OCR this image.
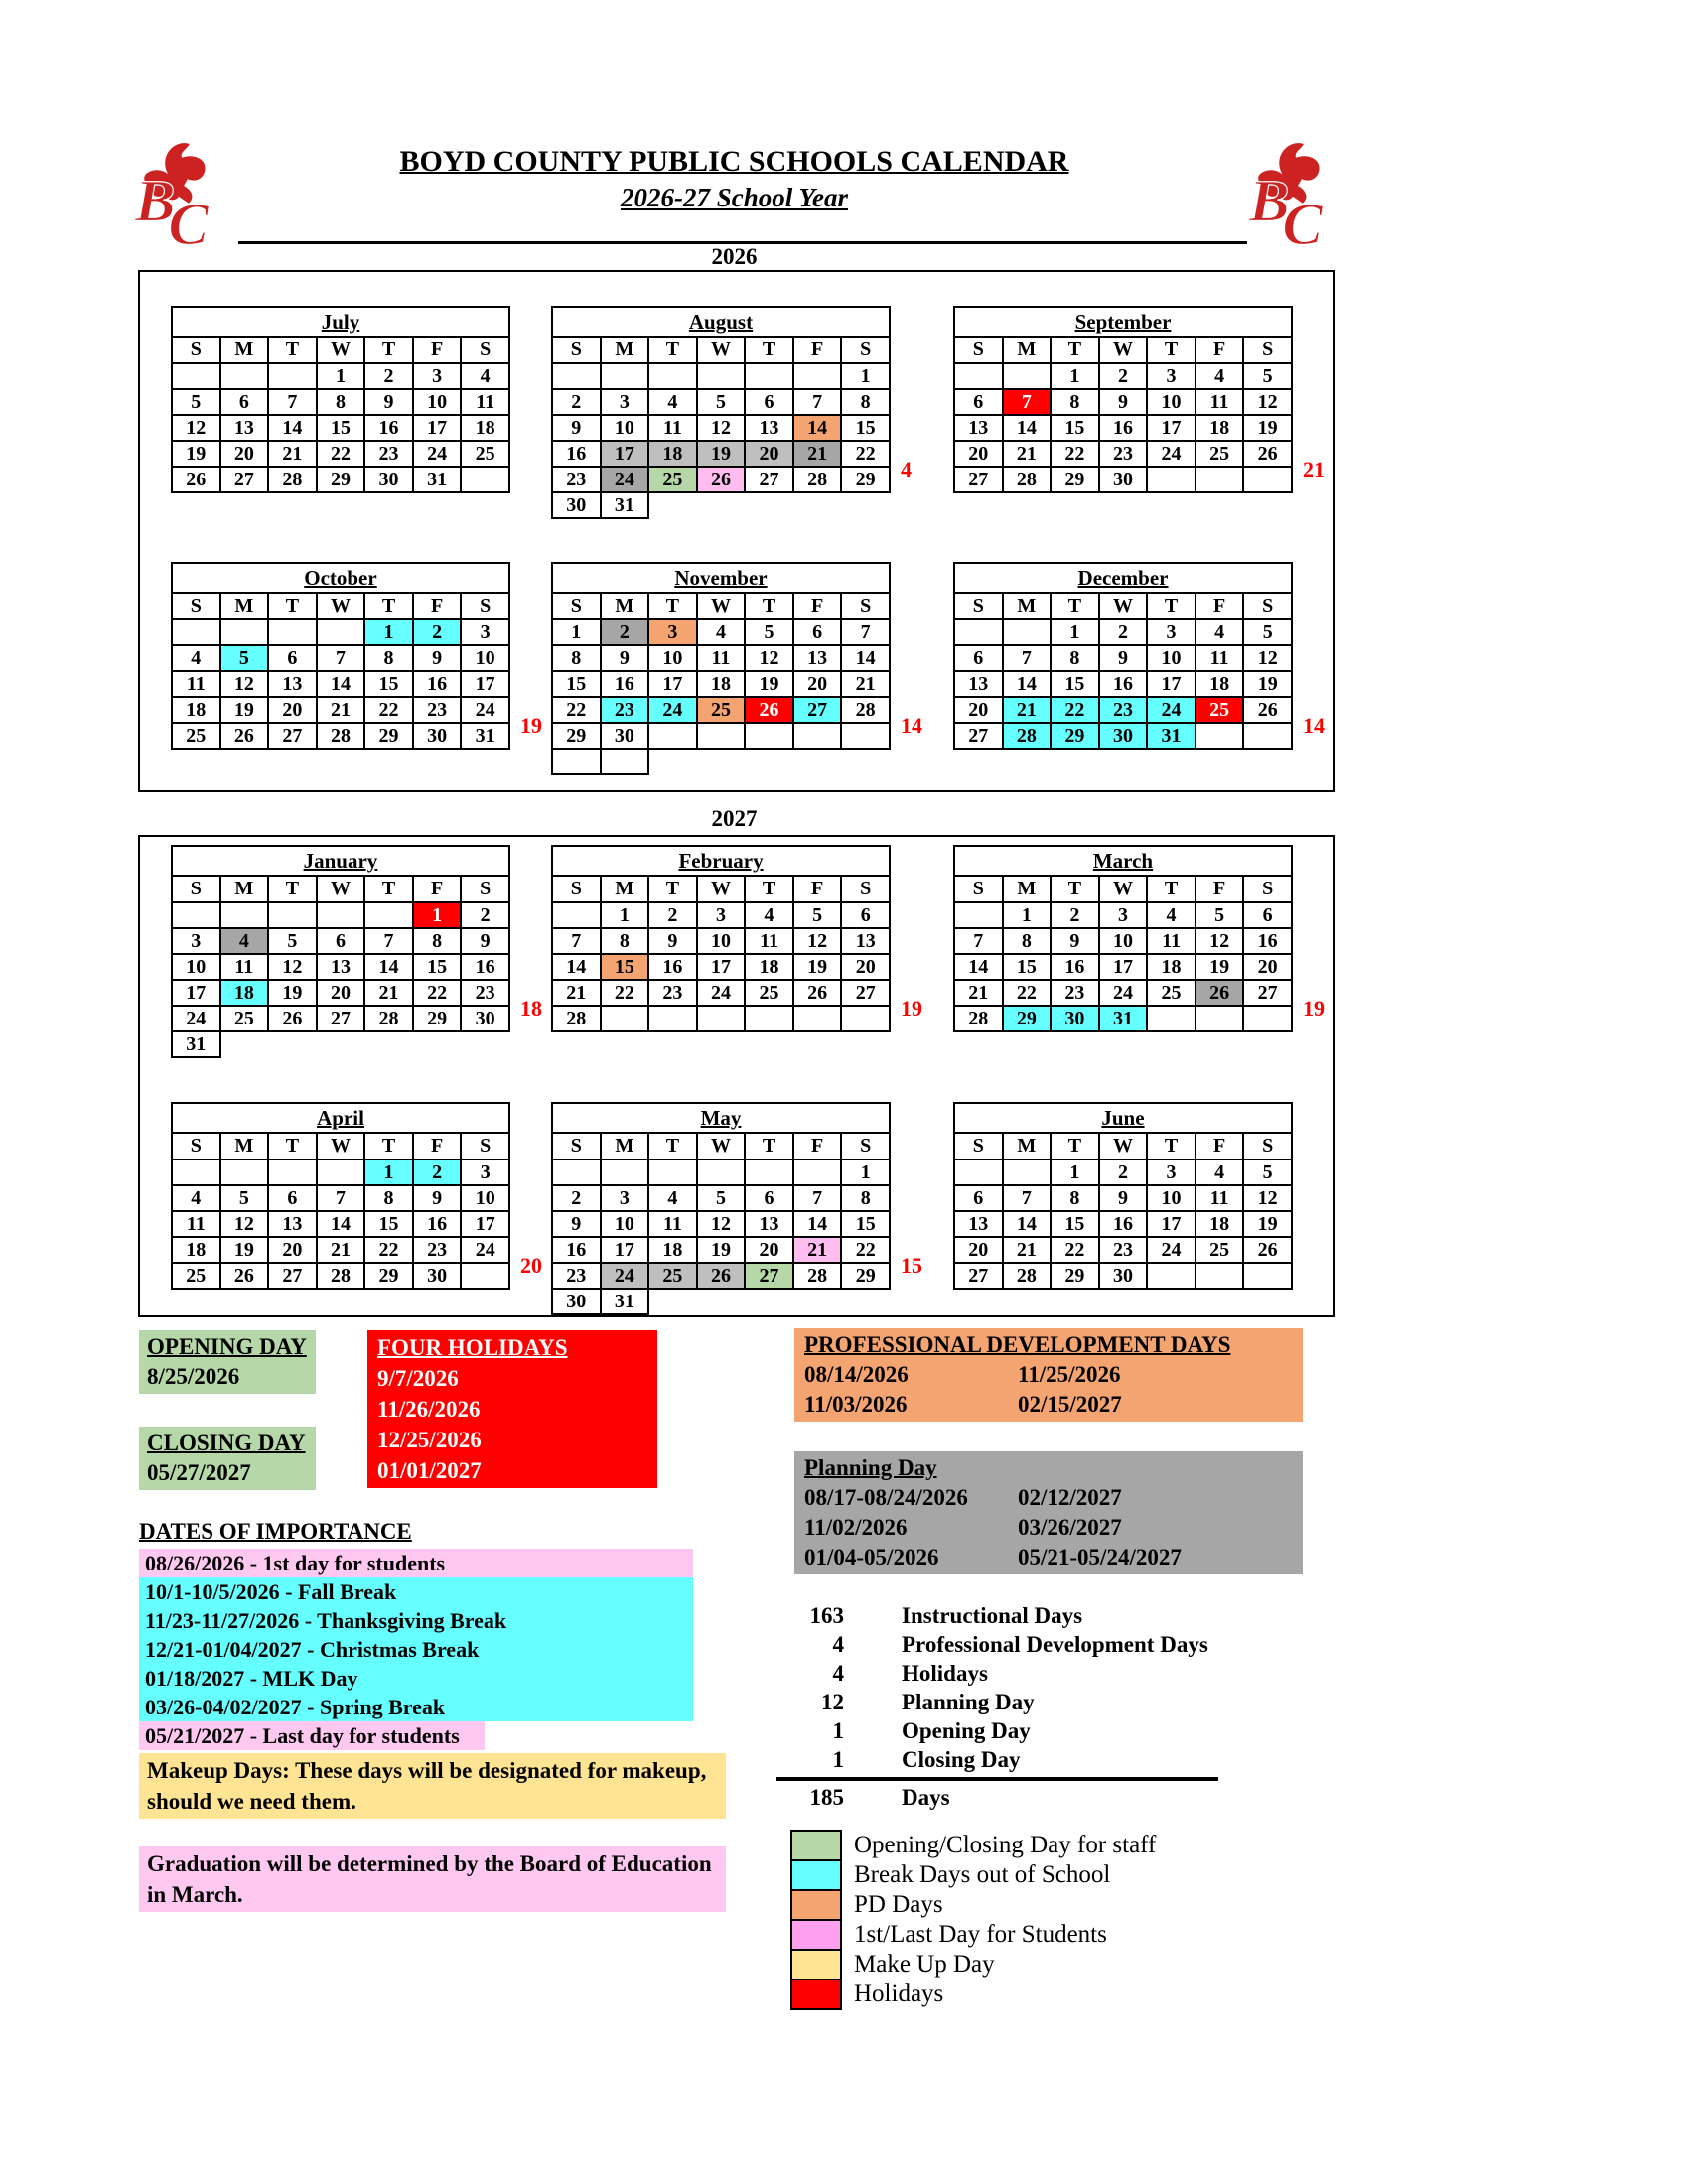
B
C	B
C
BOYD COUNTY PUBLIC SCHOOLS CALENDAR
2026-27 School Year
2026
July						
S	M	T	W	T	F	S
			1	2	3	4
5	6	7	8	9	10	11
12	13	14	15	16	17	18
19	20	21	22	23	24	25
26	27	28	29	30	31	
August						
S	M	T	W	T	F	S
						1
2	3	4	5	6	7	8
9	10	11	12	13	14	15
16	17	18	19	20	21	22
23	24	25	26	27	28	29
30	31					
4
September						
S	M	T	W	T	F	S
		1	2	3	4	5
6	7	8	9	10	11	12
13	14	15	16	17	18	19
20	21	22	23	24	25	26
27	28	29	30				21
October						
S	M	T	W	T	F	S
				1	2	3
4	5	6	7	8	9	10
11	12	13	14	15	16	17
18	19	20	21	22	23	24
25	26	27	28	29	30	31 19
November						
S	M	T	W	T	F	S
1	2	3	4	5	6	7
8	9	10	11	12	13	14
15	16	17	18	19	20	21
22	23	24	25	26	27	28
29	30					
			14
December						
S	M	T	W	T	F	S
		1	2	3	4	5
6	7	8	9	10	11	12
13	14	15	16	17	18	19
20	21	22	23	24	25	26
27	28	29	30	31			14
2027
January						
S	M	T	W	T	F	S
					1	2
3	4	5	6	7	8	9
10	11	12	13	14	15	16
17	18	19	20	21	22	23
24	25	26	27	28	29	30
31						
18
February						
S	M	T	W	T	F	S
	1	2	3	4	5	6
7	8	9	10	11	12	13
14	15	16	17	18	19	20
21	22	23	24	25	26	27
28							19
March						
S	M	T	W	T	F	S
	1	2	3	4	5	6
7	8	9	10	11	12	16
14	15	16	17	18	19	20
21	22	23	24	25	26	27
28	29	30	31				19
April						
S	M	T	W	T	F	S
				1	2	3
4	5	6	7	8	9	10
11	12	13	14	15	16	17
18	19	20	21	22	23	24
25	26	27	28	29	30		20
May						
S	M	T	W	T	F	S
						1
2	3	4	5	6	7	8
9	10	11	12	13	14	15
16	17	18	19	20	21	22
23	24	25	26	27	28	29
30	31					
15
June						
S	M	T	W	T	F	S
		1	2	3	4	5
6	7	8	9	10	11	12
13	14	15	16	17	18	19
20	21	22	23	24	25	26
27	28	29	30			
OPENING DAY
8/25/2026
CLOSING DAY
05/27/2027
FOUR HOLIDAYS
9/7/2026
11/26/2026
12/25/2026
01/01/2027
PROFESSIONAL DEVELOPMENT DAYS
08/14/2026	11/25/2026
11/03/2026	02/15/2027
Planning Day
08/17-08/24/2026	02/12/2027
11/02/2026	03/26/2027
01/04-05/2026	05/21-05/24/2027
DATES OF IMPORTANCE
08/26/2026 - 1st day for students
10/1-10/5/2026 - Fall Break
11/23-11/27/2026 - Thanksgiving Break
12/21-01/04/2027 - Christmas Break
01/18/2027 - MLK Day
03/26-04/02/2027 - Spring Break
05/21/2027 - Last day for students
Makeup Days: These days will be designated for makeup,
should we need them.
Graduation will be determined by the Board of Education
in March.
163	Instructional Days
4	Professional Development Days
4	Holidays
12	Planning Day
1	Opening Day
1	Closing Day
185	Days
Opening/Closing Day for staff
Break Days out of School
PD Days
1st/Last Day for Students
Make Up Day
Holidays
